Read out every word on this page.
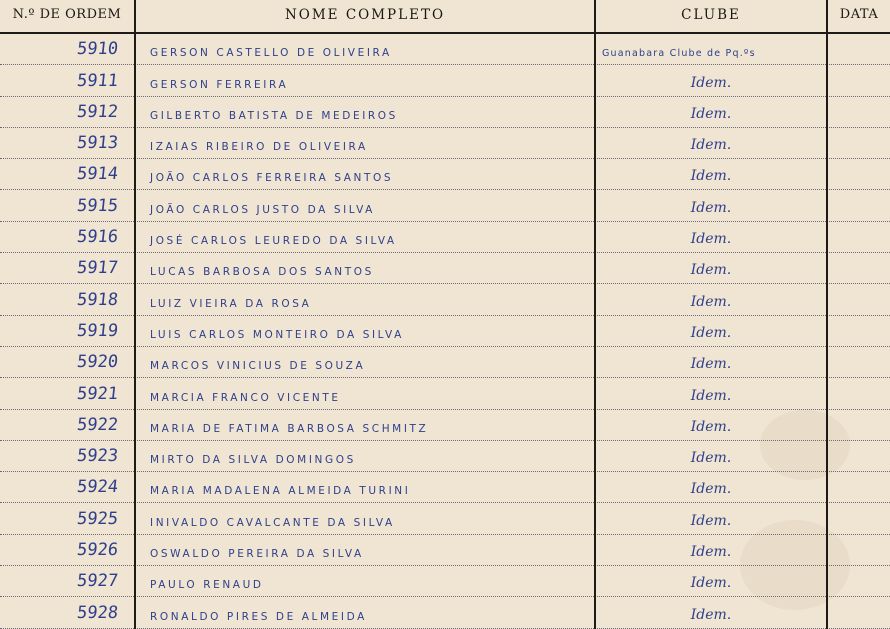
N.º DE ORDEM	NOME COMPLETO	CLUBE	DATA
5910	GERSON CASTELLO DE OLIVEIRA	Guanabara Clube de Pq.ºs
5911	GERSON FERREIRA	Idem.
5912	GILBERTO BATISTA DE MEDEIROS	Idem.
5913	IZAIAS RIBEIRO DE OLIVEIRA	Idem.
5914	JOÃO CARLOS FERREIRA SANTOS	Idem.
5915	JOÃO CARLOS JUSTO DA SILVA	Idem.
5916	JOSÉ CARLOS LEUREDO DA SILVA	Idem.
5917	LUCAS BARBOSA DOS SANTOS	Idem.
5918	LUIZ VIEIRA DA ROSA	Idem.
5919	LUIS CARLOS MONTEIRO DA SILVA	Idem.
5920	MARCOS VINICIUS DE SOUZA	Idem.
5921	MARCIA FRANCO VICENTE	Idem.
5922	MARIA DE FATIMA BARBOSA SCHMITZ	Idem.
5923	MIRTO DA SILVA DOMINGOS	Idem.
5924	MARIA MADALENA ALMEIDA TURINI	Idem.
5925	INIVALDO CAVALCANTE DA SILVA	Idem.
5926	OSWALDO PEREIRA DA SILVA	Idem.
5927	PAULO RENAUD	Idem.
5928	RONALDO PIRES DE ALMEIDA	Idem.
